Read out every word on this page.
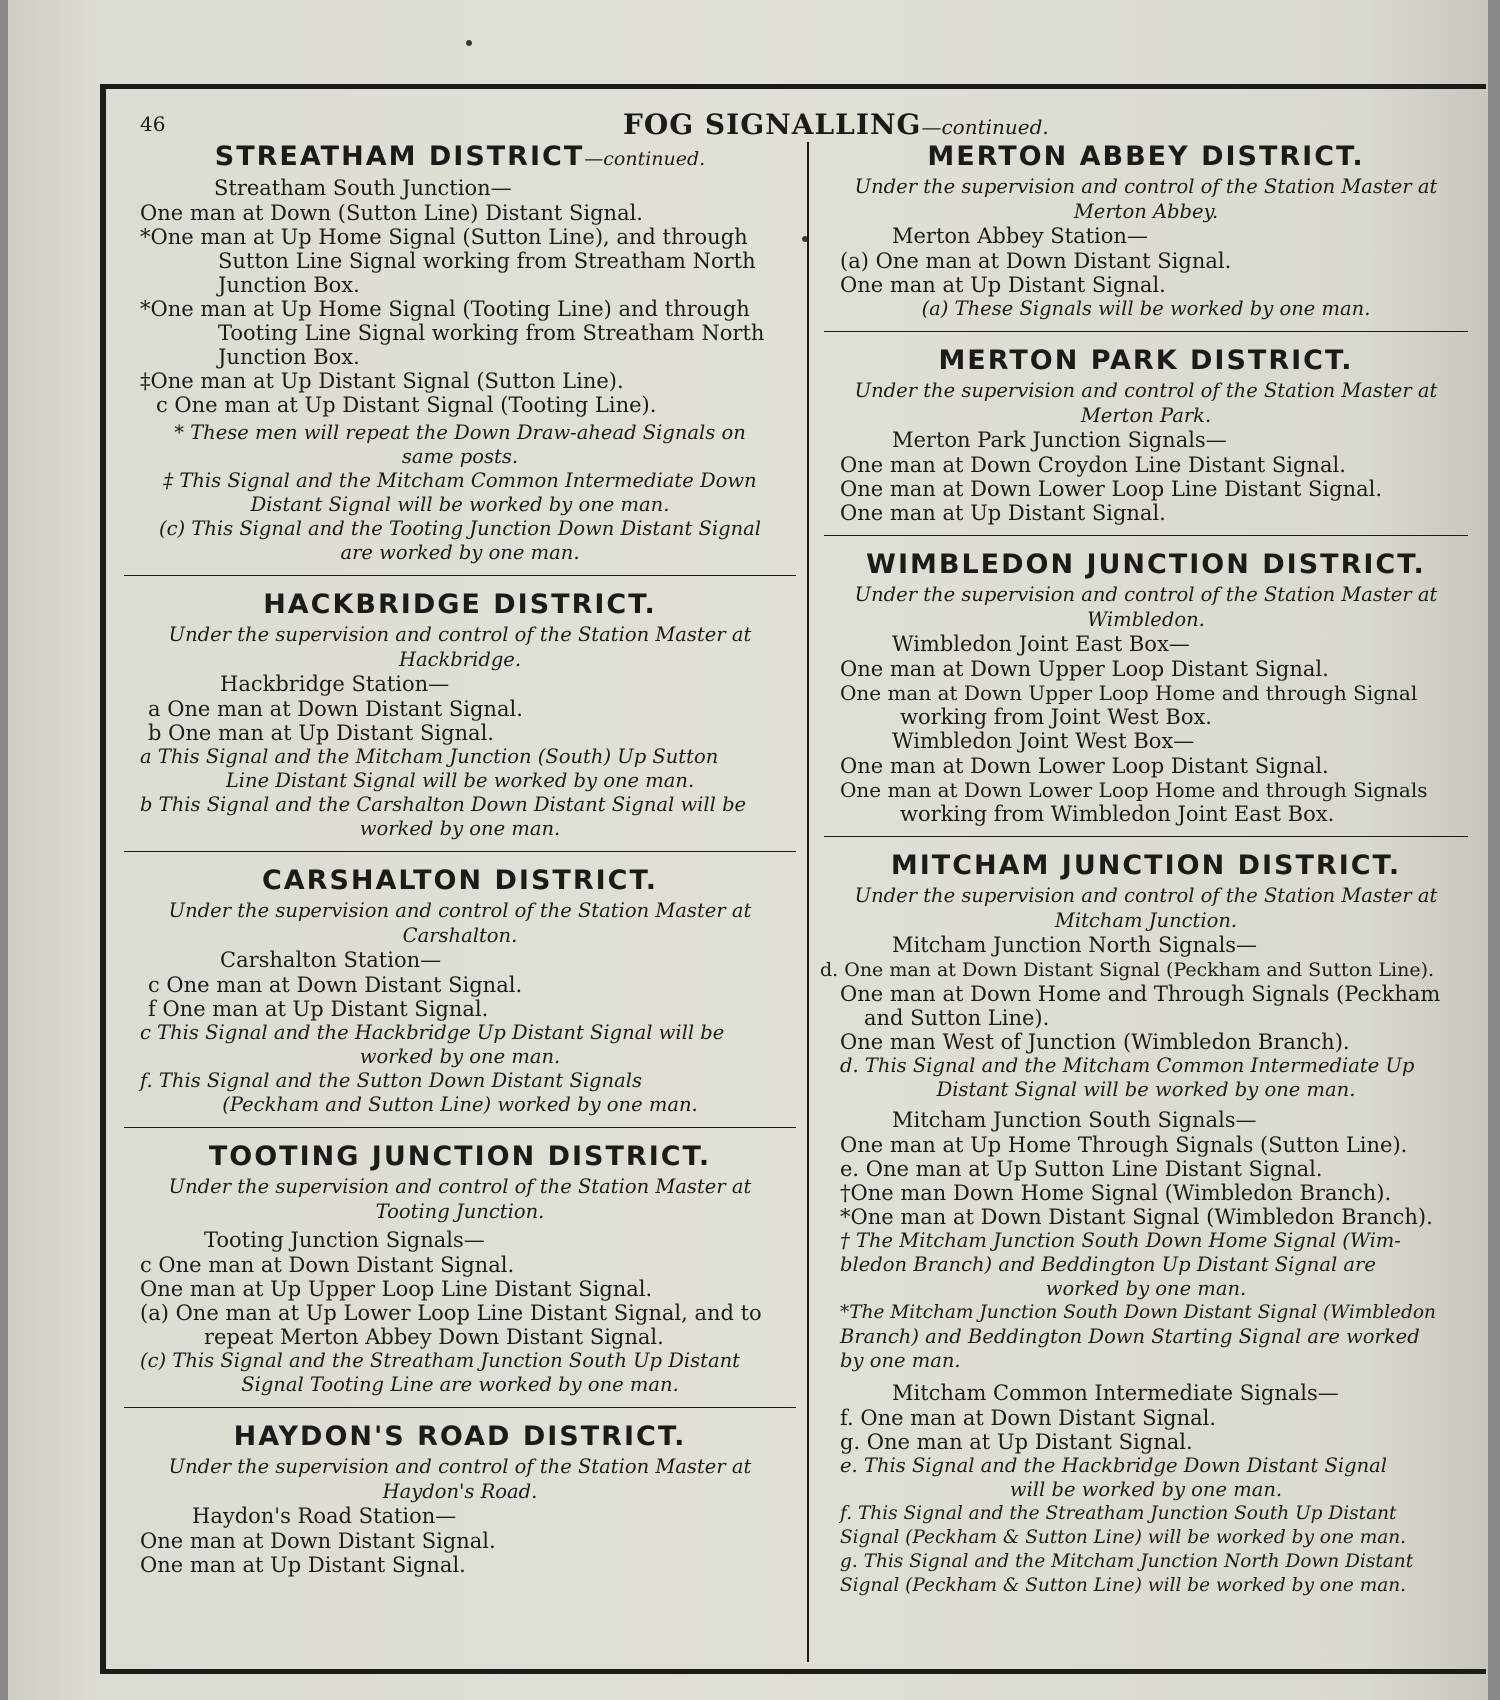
46	FOG SIGNALLING—continued.
STREATHAM DISTRICT—continued.
Streatham South Junction—
One man at Down (Sutton Line) Distant Signal.
*One man at Up Home Signal (Sutton Line), and through
Sutton Line Signal working from Streatham North
Junction Box.
*One man at Up Home Signal (Tooting Line) and through
Tooting Line Signal working from Streatham North
Junction Box.
‡One man at Up Distant Signal (Sutton Line).
c One man at Up Distant Signal (Tooting Line).
* These men will repeat the Down Draw-ahead Signals on
same posts.
‡ This Signal and the Mitcham Common Intermediate Down
Distant Signal will be worked by one man.
(c) This Signal and the Tooting Junction Down Distant Signal
are worked by one man.
HACKBRIDGE DISTRICT.
Under the supervision and control of the Station Master at
Hackbridge.
Hackbridge Station—
a One man at Down Distant Signal.
b One man at Up Distant Signal.
a This Signal and the Mitcham Junction (South) Up Sutton
Line Distant Signal will be worked by one man.
b This Signal and the Carshalton Down Distant Signal will be
worked by one man.
CARSHALTON DISTRICT.
Under the supervision and control of the Station Master at
Carshalton.
Carshalton Station—
c One man at Down Distant Signal.
f One man at Up Distant Signal.
c This Signal and the Hackbridge Up Distant Signal will be
worked by one man.
f. This Signal and the Sutton Down Distant Signals
(Peckham and Sutton Line) worked by one man.
TOOTING JUNCTION DISTRICT.
Under the supervision and control of the Station Master at
Tooting Junction.
Tooting Junction Signals—
c One man at Down Distant Signal.
One man at Up Upper Loop Line Distant Signal.
(a) One man at Up Lower Loop Line Distant Signal, and to
repeat Merton Abbey Down Distant Signal.
(c) This Signal and the Streatham Junction South Up Distant
Signal Tooting Line are worked by one man.
HAYDON'S ROAD DISTRICT.
Under the supervision and control of the Station Master at
Haydon's Road.
Haydon's Road Station—
One man at Down Distant Signal.
One man at Up Distant Signal.
MERTON ABBEY DISTRICT.
Under the supervision and control of the Station Master at
Merton Abbey.
Merton Abbey Station—
(a) One man at Down Distant Signal.
One man at Up Distant Signal.
(a) These Signals will be worked by one man.
MERTON PARK DISTRICT.
Under the supervision and control of the Station Master at
Merton Park.
Merton Park Junction Signals—
One man at Down Croydon Line Distant Signal.
One man at Down Lower Loop Line Distant Signal.
One man at Up Distant Signal.
WIMBLEDON JUNCTION DISTRICT.
Under the supervision and control of the Station Master at
Wimbledon.
Wimbledon Joint East Box—
One man at Down Upper Loop Distant Signal.
One man at Down Upper Loop Home and through Signal
working from Joint West Box.
Wimbledon Joint West Box—
One man at Down Lower Loop Distant Signal.
One man at Down Lower Loop Home and through Signals
working from Wimbledon Joint East Box.
MITCHAM JUNCTION DISTRICT.
Under the supervision and control of the Station Master at
Mitcham Junction.
Mitcham Junction North Signals—
d. One man at Down Distant Signal (Peckham and Sutton Line).
One man at Down Home and Through Signals (Peckham
and Sutton Line).
One man West of Junction (Wimbledon Branch).
d. This Signal and the Mitcham Common Intermediate Up
Distant Signal will be worked by one man.
Mitcham Junction South Signals—
One man at Up Home Through Signals (Sutton Line).
e. One man at Up Sutton Line Distant Signal.
†One man Down Home Signal (Wimbledon Branch).
*One man at Down Distant Signal (Wimbledon Branch).
† The Mitcham Junction South Down Home Signal (Wim-
bledon Branch) and Beddington Up Distant Signal are
worked by one man.
*The Mitcham Junction South Down Distant Signal (Wimbledon
Branch) and Beddington Down Starting Signal are worked
by one man.
Mitcham Common Intermediate Signals—
f. One man at Down Distant Signal.
g. One man at Up Distant Signal.
e. This Signal and the Hackbridge Down Distant Signal
will be worked by one man.
f. This Signal and the Streatham Junction South Up Distant
Signal (Peckham & Sutton Line) will be worked by one man.
g. This Signal and the Mitcham Junction North Down Distant
Signal (Peckham & Sutton Line) will be worked by one man.
